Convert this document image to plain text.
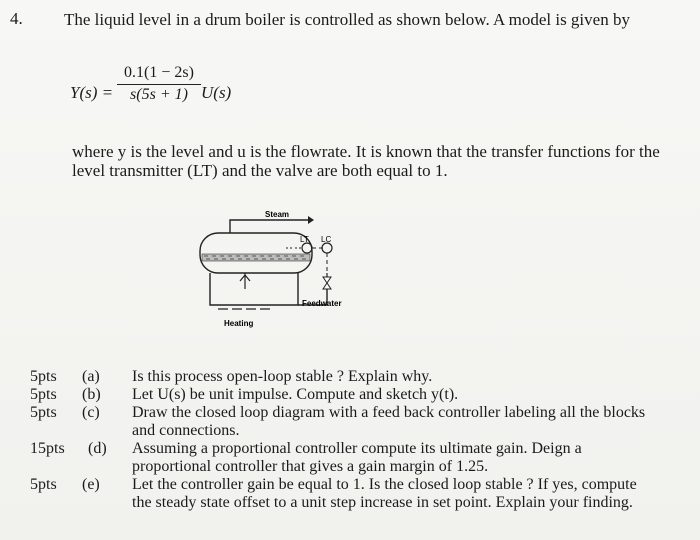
4. The liquid level in a drum boiler is controlled as shown below. A model is given by
Y(s) =
0.1(1 − 2s)
s(5s + 1) U(s)
where y is the level and u is the flowrate. It is known that the transfer functions for the level transmitter (LT) and the valve are both equal to 1.
Steam
Heating
LT LC
Feedwater
5pts	(a)	Is this process open-loop stable ? Explain why.
5pts	(b)	Let U(s) be unit impulse. Compute and sketch y(t).
5pts	(c)	Draw the closed loop diagram with a feed back controller labeling all the blocks and connections.
15pts	(d)	Assuming a proportional controller compute its ultimate gain. Deign a proportional controller that gives a gain margin of 1.25.
5pts	(e)	Let the controller gain be equal to 1. Is the closed loop stable ? If yes, compute the steady state offset to a unit step increase in set point. Explain your finding.
